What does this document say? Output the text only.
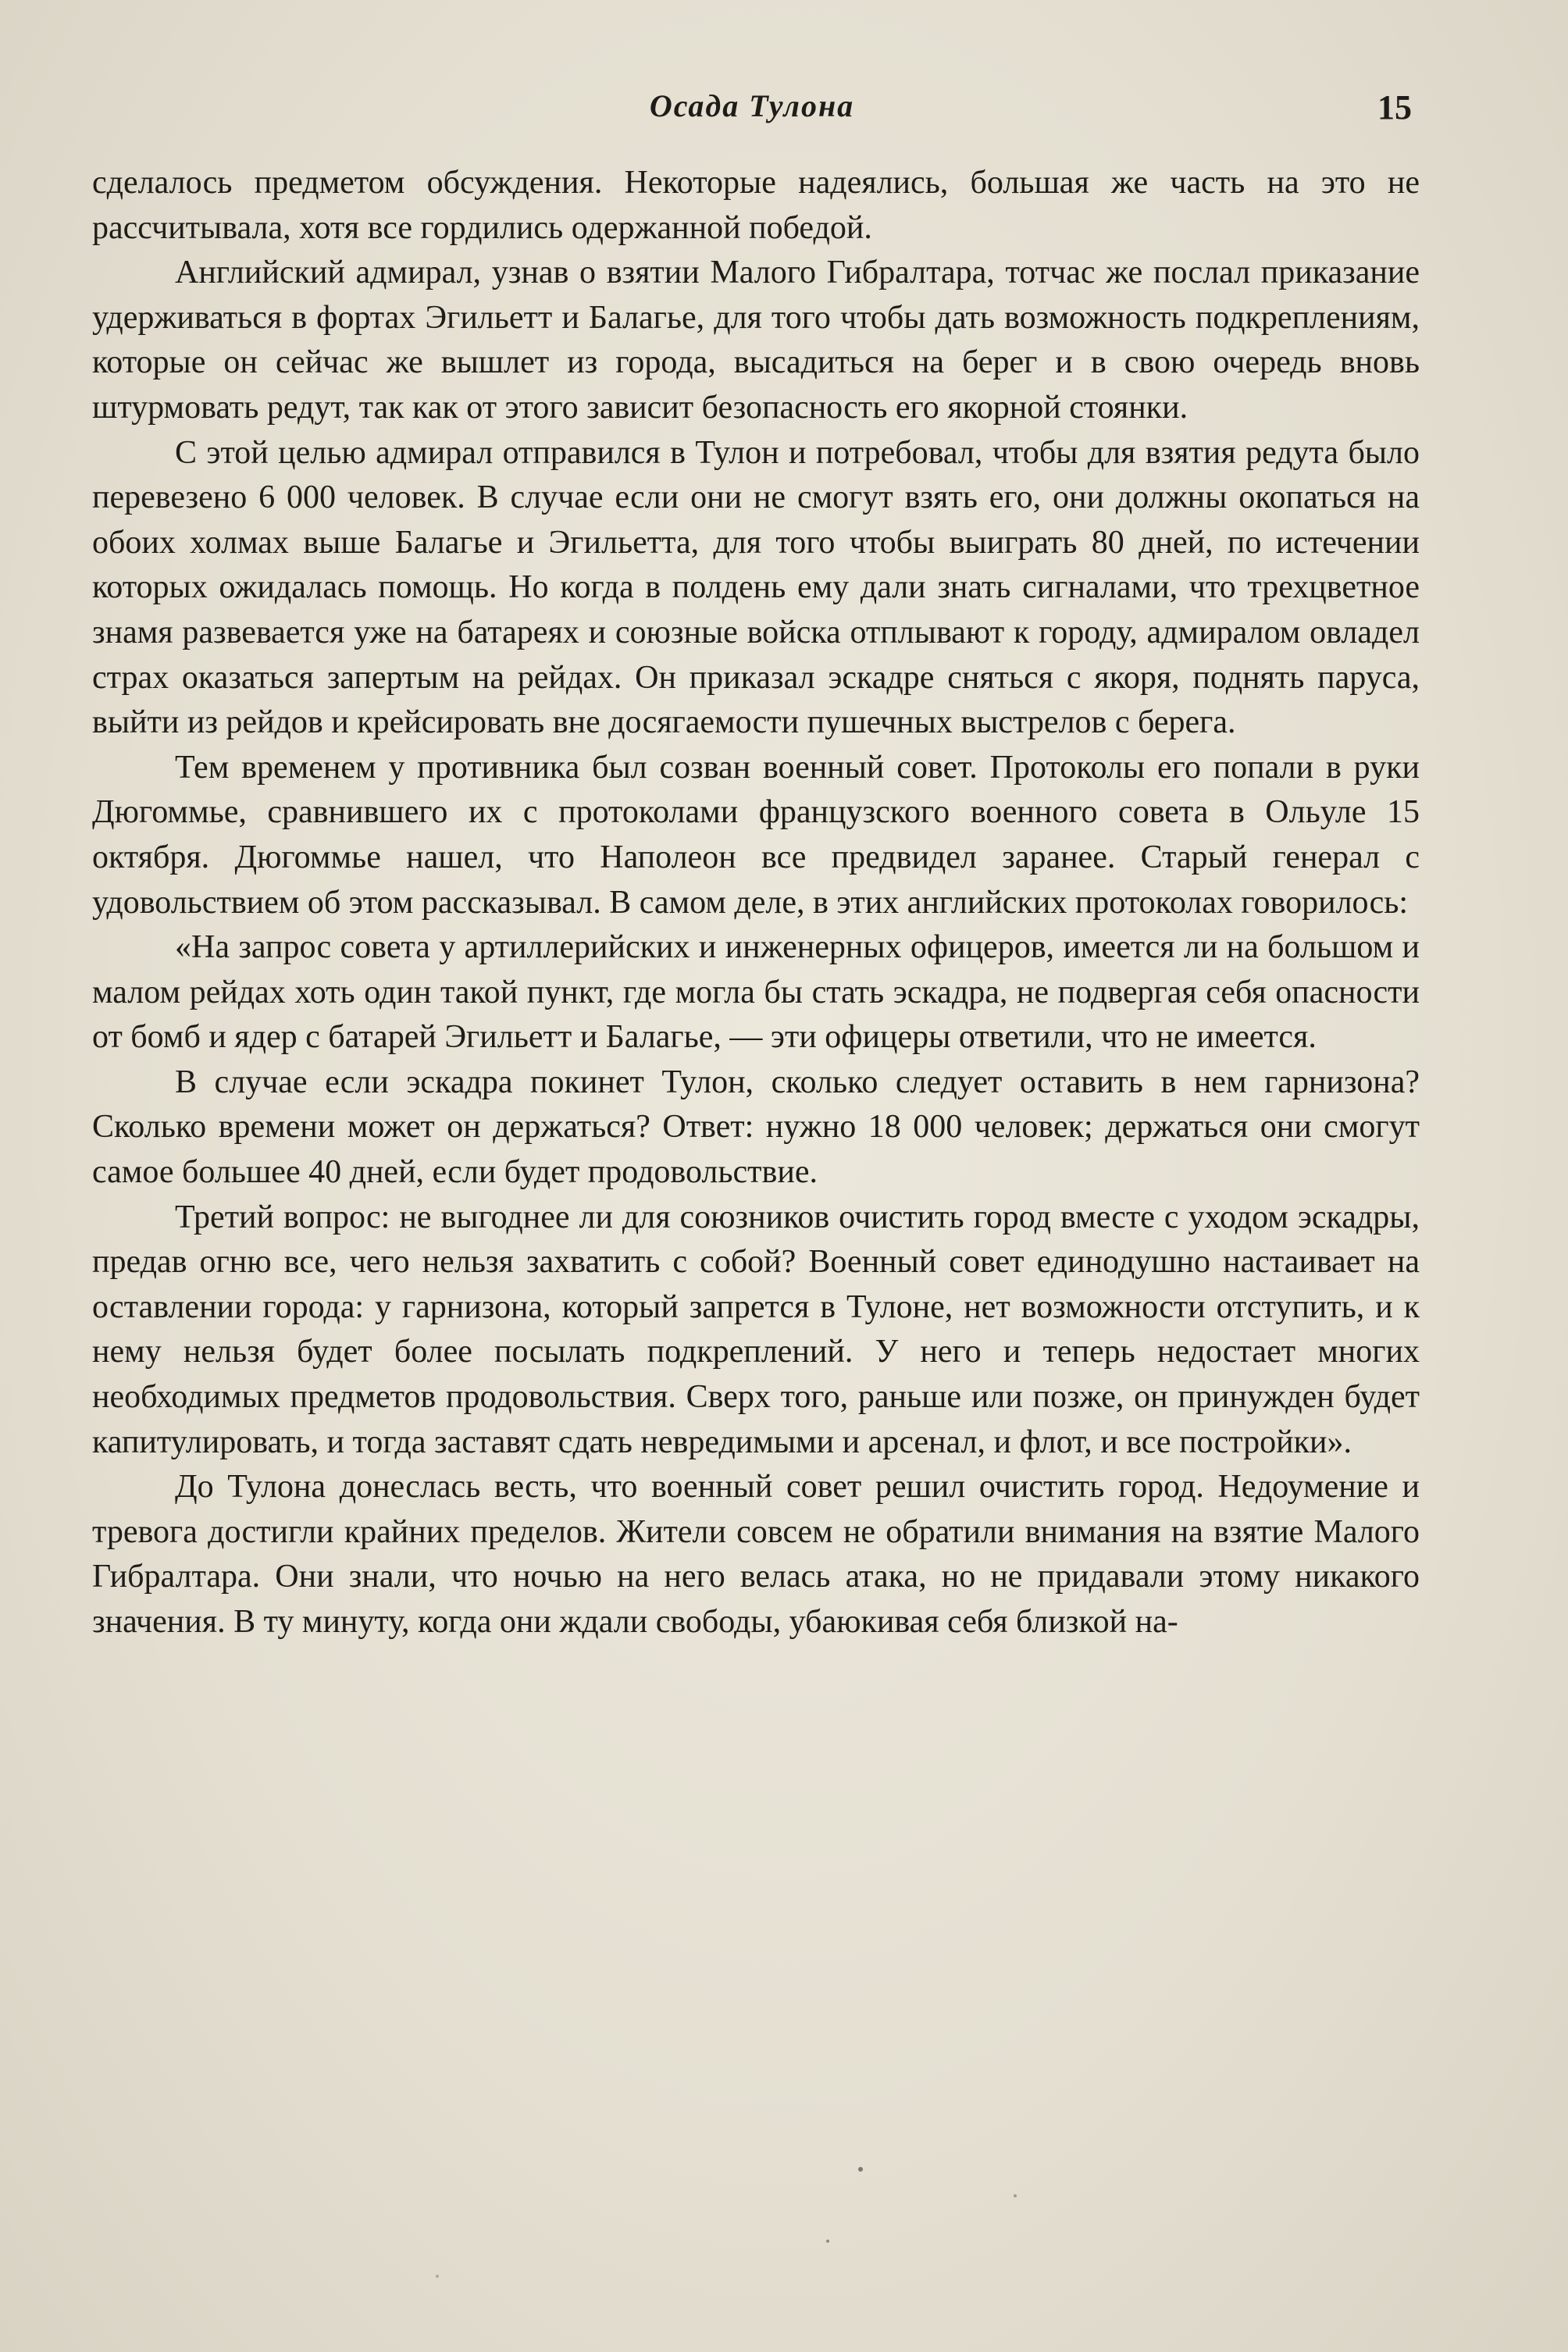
Осада Тулона	15

сделалось предметом обсуждения. Некоторые надеялись, большая же часть на это не рассчитывала, хотя все гордились одержанной победой.

Английский адмирал, узнав о взятии Малого Гибралтара, тотчас же послал приказание удерживаться в фортах Эгильетт и Балагье, для того чтобы дать возможность подкреплениям, которые он сейчас же вышлет из города, высадиться на берег и в свою очередь вновь штурмовать редут, так как от этого зависит безопасность его якорной стоянки.

С этой целью адмирал отправился в Тулон и потребовал, чтобы для взятия редута было перевезено 6 000 человек. В случае если они не смогут взять его, они должны окопаться на обоих холмах выше Балагье и Эгильетта, для того чтобы выиграть 80 дней, по истечении которых ожидалась помощь. Но когда в полдень ему дали знать сигналами, что трехцветное знамя развевается уже на батареях и союзные войска отплывают к городу, адмиралом овладел страх оказаться запертым на рейдах. Он приказал эскадре сняться с якоря, поднять паруса, выйти из рейдов и крейсировать вне досягаемости пушечных выстрелов с берега.

Тем временем у противника был созван военный совет. Протоколы его попали в руки Дюгоммье, сравнившего их с протоколами французского военного совета в Ольуле 15 октября. Дюгоммье нашел, что Наполеон все предвидел заранее. Старый генерал с удовольствием об этом рассказывал. В самом деле, в этих английских протоколах говорилось:

«На запрос совета у артиллерийских и инженерных офицеров, имеется ли на большом и малом рейдах хоть один такой пункт, где могла бы стать эскадра, не подвергая себя опасности от бомб и ядер с батарей Эгильетт и Балагье, — эти офицеры ответили, что не имеется.

В случае если эскадра покинет Тулон, сколько следует оставить в нем гарнизона? Сколько времени может он держаться? Ответ: нужно 18 000 человек; держаться они смогут самое большее 40 дней, если будет продовольствие.

Третий вопрос: не выгоднее ли для союзников очистить город вместе с уходом эскадры, предав огню все, чего нельзя захватить с собой? Военный совет единодушно настаивает на оставлении города: у гарнизона, который запрется в Тулоне, нет возможности отступить, и к нему нельзя будет более посылать подкреплений. У него и теперь недостает многих необходимых предметов продовольствия. Сверх того, раньше или позже, он принужден будет капитулировать, и тогда заставят сдать невредимыми и арсенал, и флот, и все постройки».

До Тулона донеслась весть, что военный совет решил очистить город. Недоумение и тревога достигли крайних пределов. Жители совсем не обратили внимания на взятие Малого Гибралтара. Они знали, что ночью на него велась атака, но не придавали этому никакого значения. В ту минуту, когда они ждали свободы, убаюкивая себя близкой на-
